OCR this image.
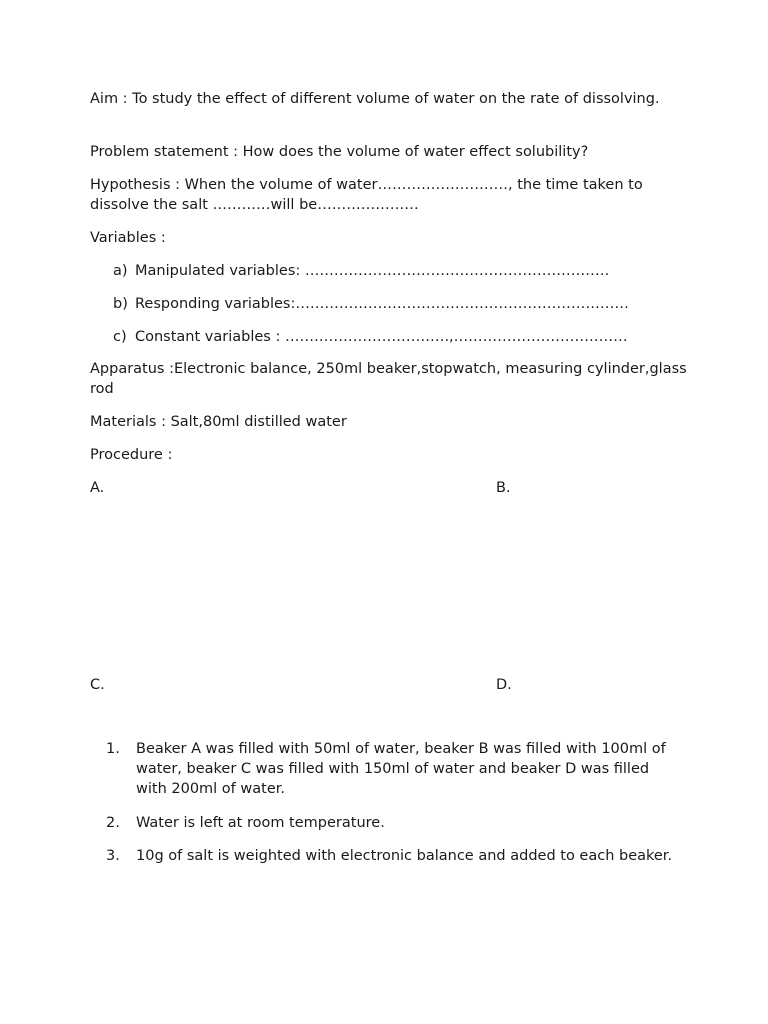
Aim : To study the effect of different volume of water on the rate of dissolving.
Problem statement : How does the volume of water effect solubility?
Hypothesis : When the volume of water………………………, the time taken to dissolve the salt …………will be…………………
Variables :
a) Manipulated variables: ………………………………………………………
b) Responding variables:……………………………………………………………
c) Constant variables : …………………………….,………………………………
Apparatus :Electronic balance, 250ml beaker,stopwatch, measuring cylinder,glass rod
Materials : Salt,80ml distilled water
Procedure :
A.	B.
C.	D.
1. Beaker A was filled with 50ml of water, beaker B was filled with 100ml of water, beaker C was filled with 150ml of water and beaker D was filled with 200ml of water.
2. Water is left at room temperature.
3. 10g of salt is weighted with electronic balance and added to each beaker.
